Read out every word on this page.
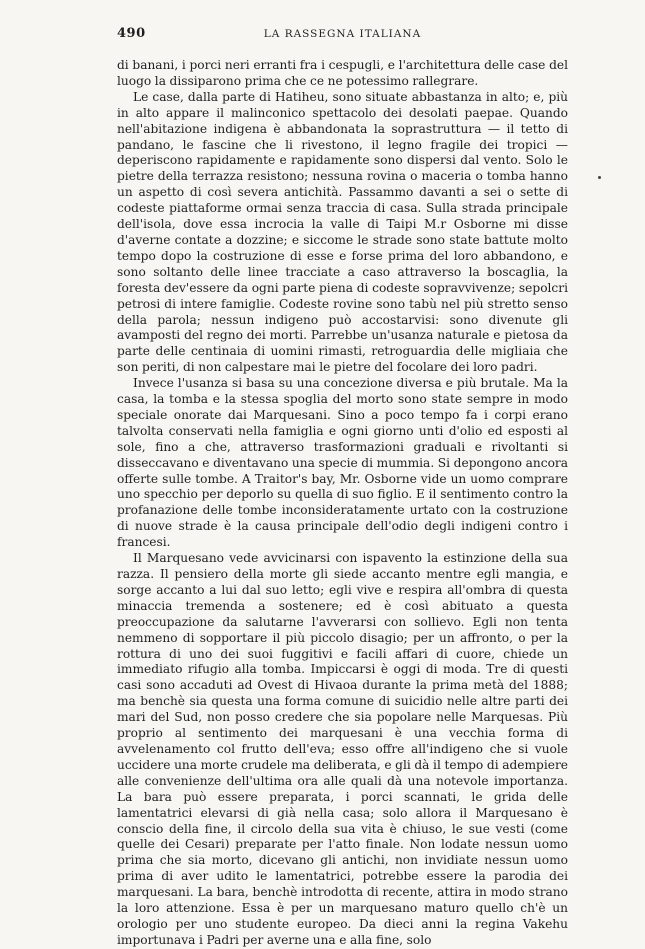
490	LA RASSEGNA ITALIANA

di banani, i porci neri erranti fra i cespugli, e l'architettura delle case del luogo la dissiparono prima che ce ne potessimo rallegrare.

Le case, dalla parte di Hatiheu, sono situate abbastanza in alto; e, più in alto appare il malinconico spettacolo dei desolati paepae. Quando nell'abitazione indigena è abbandonata la soprastruttura — il tetto di pandano, le fascine che li rivestono, il legno fragile dei tropici — deperiscono rapidamente e rapidamente sono dispersi dal vento. Solo le pietre della terrazza resistono; nessuna rovina o maceria o tomba hanno un aspetto di così severa antichità. Passammo davanti a sei o sette di codeste piattaforme ormai senza traccia di casa. Sulla strada principale dell'isola, dove essa incrocia la valle di Taipi M.r Osborne mi disse d'averne contate a dozzine; e siccome le strade sono state battute molto tempo dopo la costruzione di esse e forse prima del loro abbandono, e sono soltanto delle linee tracciate a caso attraverso la boscaglia, la foresta dev'essere da ogni parte piena di codeste sopravvivenze; sepolcri petrosi di intere famiglie. Codeste rovine sono tabù nel più stretto senso della parola; nessun indigeno può accostarvisi: sono divenute gli avamposti del regno dei morti. Parrebbe un'usanza naturale e pietosa da parte delle centinaia di uomini rimasti, retroguardia delle migliaia che son periti, di non calpestare mai le pietre del focolare dei loro padri.

Invece l'usanza si basa su una concezione diversa e più brutale. Ma la casa, la tomba e la stessa spoglia del morto sono state sempre in modo speciale onorate dai Marquesani. Sino a poco tempo fa i corpi erano talvolta conservati nella famiglia e ogni giorno unti d'olio ed esposti al sole, fino a che, attraverso trasformazioni graduali e rivoltanti si disseccavano e diventavano una specie di mummia. Si depongono ancora offerte sulle tombe. A Traitor's bay, Mr. Osborne vide un uomo comprare uno specchio per deporlo su quella di suo figlio. E il sentimento contro la profanazione delle tombe inconsideratamente urtato con la costruzione di nuove strade è la causa principale dell'odio degli indigeni contro i francesi.

Il Marquesano vede avvicinarsi con ispavento la estinzione della sua razza. Il pensiero della morte gli siede accanto mentre egli mangia, e sorge accanto a lui dal suo letto; egli vive e respira all'ombra di questa minaccia tremenda a sostenere; ed è così abituato a questa preoccupazione da salutarne l'avverarsi con sollievo. Egli non tenta nemmeno di sopportare il più piccolo disagio; per un affronto, o per la rottura di uno dei suoi fuggitivi e facili affari di cuore, chiede un immediato rifugio alla tomba. Impiccarsi è oggi di moda. Tre di questi casi sono accaduti ad Ovest di Hivaoa durante la prima metà del 1888; ma benchè sia questa una forma comune di suicidio nelle altre parti dei mari del Sud, non posso credere che sia popolare nelle Marquesas. Più proprio al sentimento dei marquesani è una vecchia forma di avvelenamento col frutto dell'eva; esso offre all'indigeno che si vuole uccidere una morte crudele ma deliberata, e gli dà il tempo di adempiere alle convenienze dell'ultima ora alle quali dà una notevole importanza. La bara può essere preparata, i porci scannati, le grida delle lamentatrici elevarsi di già nella casa; solo allora il Marquesano è conscio della fine, il circolo della sua vita è chiuso, le sue vesti (come quelle dei Cesari) preparate per l'atto finale. Non lodate nessun uomo prima che sia morto, dicevano gli antichi, non invidiate nessun uomo prima di aver udito le lamentatrici, potrebbe essere la parodia dei marquesani. La bara, benchè introdotta di recente, attira in modo strano la loro attenzione. Essa è per un marquesano maturo quello ch'è un orologio per uno studente europeo. Da dieci anni la regina Vakehu importunava i Padri per averne una e alla fine, solo
